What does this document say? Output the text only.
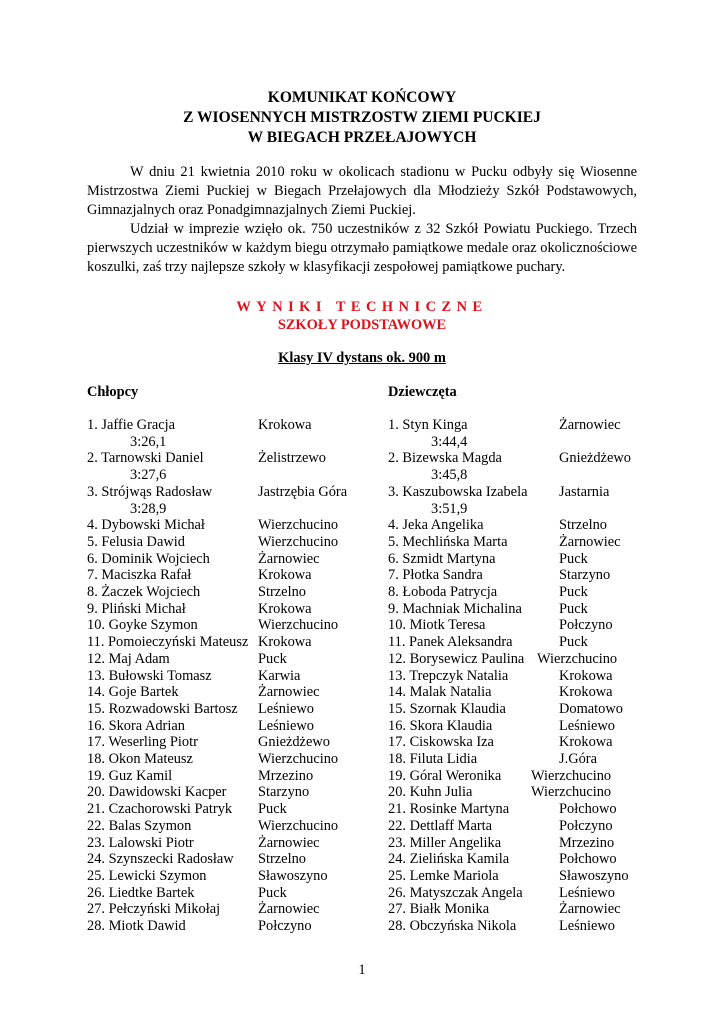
KOMUNIKAT KOŃCOWY
Z WIOSENNYCH MISTRZOSTW ZIEMI PUCKIEJ
W BIEGACH PRZEŁAJOWYCH

W dniu 21 kwietnia 2010 roku w okolicach stadionu w Pucku odbyły się Wiosenne Mistrzostwa Ziemi Puckiej w Biegach Przełajowych dla Młodzieży Szkół Podstawowych, Gimnazjalnych oraz Ponadgimnazjalnych Ziemi Puckiej.

Udział w imprezie wzięło ok. 750 uczestników z 32 Szkół Powiatu Puckiego. Trzech pierwszych uczestników w każdym biegu otrzymało pamiątkowe medale oraz okolicznościowe koszulki, zaś trzy najlepsze szkoły w klasyfikacji zespołowej pamiątkowe puchary.

WYNIKI TECHNICZNE
SZKOŁY PODSTAWOWE
Klasy IV dystans ok. 900 m
Chłopcy	Dziewczęta
1. Jaffie Gracja	Krokowa
3:26,1
2. Tarnowski Daniel	Żelistrzewo
3:27,6
3. Strójwąs Radosław	Jastrzębia Góra
3:28,9
4. Dybowski Michał	Wierzchucino
5. Felusia Dawid	Wierzchucino
6. Dominik Wojciech	Żarnowiec
7. Maciszka Rafał	Krokowa
8. Żaczek Wojciech	Strzelno
9. Pliński Michał	Krokowa
10. Goyke Szymon	Wierzchucino
11. Pomoieczyński Mateusz Krokowa
12. Maj Adam	Puck
13. Bułowski Tomasz	Karwia
14. Goje Bartek	Żarnowiec
15. Rozwadowski Bartosz Leśniewo
16. Skora Adrian	Leśniewo
17. Weserling Piotr	Gnieżdżewo
18. Okon Mateusz	Wierzchucino
19. Guz Kamil	Mrzezino
20. Dawidowski Kacper Starzyno
21. Czachorowski Patryk Puck
22. Balas Szymon	Wierzchucino
23. Lalowski Piotr	Żarnowiec
24. Szynszecki Radosław Strzelno
25. Lewicki Szymon	Sławoszyno
26. Liedtke Bartek	Puck
27. Pełczyński Mikołaj	Żarnowiec
28. Miotk Dawid	Połczyno
1. Styn Kinga	Żarnowiec
3:44,4
2. Bizewska Magda	Gnieżdżewo
3:45,8
3. Kaszubowska Izabela Jastarnia
3:51,9
4. Jeka Angelika	Strzelno
5. Mechlińska Marta	Żarnowiec
6. Szmidt Martyna	Puck
7. Płotka Sandra	Starzyno
8. Łoboda Patrycja	Puck
9. Machniak Michalina	Puck
10. Miotk Teresa	Połczyno
11. Panek Aleksandra	Puck
12. Borysewicz Paulina Wierzchucino
13. Trepczyk Natalia	Krokowa
14. Malak Natalia	Krokowa
15. Szornak Klaudia	Domatowo
16. Skora Klaudia	Leśniewo
17. Ciskowska Iza	Krokowa
18. Filuta Lidia	J.Góra
19. Góral Weronika Wierzchucino
20. Kuhn Julia	Wierzchucino
21. Rosinke Martyna	Połchowo
22. Dettlaff Marta	Połczyno
23. Miller Angelika	Mrzezino
24. Zielińska Kamila	Połchowo
25. Lemke Mariola	Sławoszyno
26. Matyszczak Angela	Leśniewo
27. Białk Monika	Żarnowiec
28. Obczyńska Nikola	Leśniewo
1
